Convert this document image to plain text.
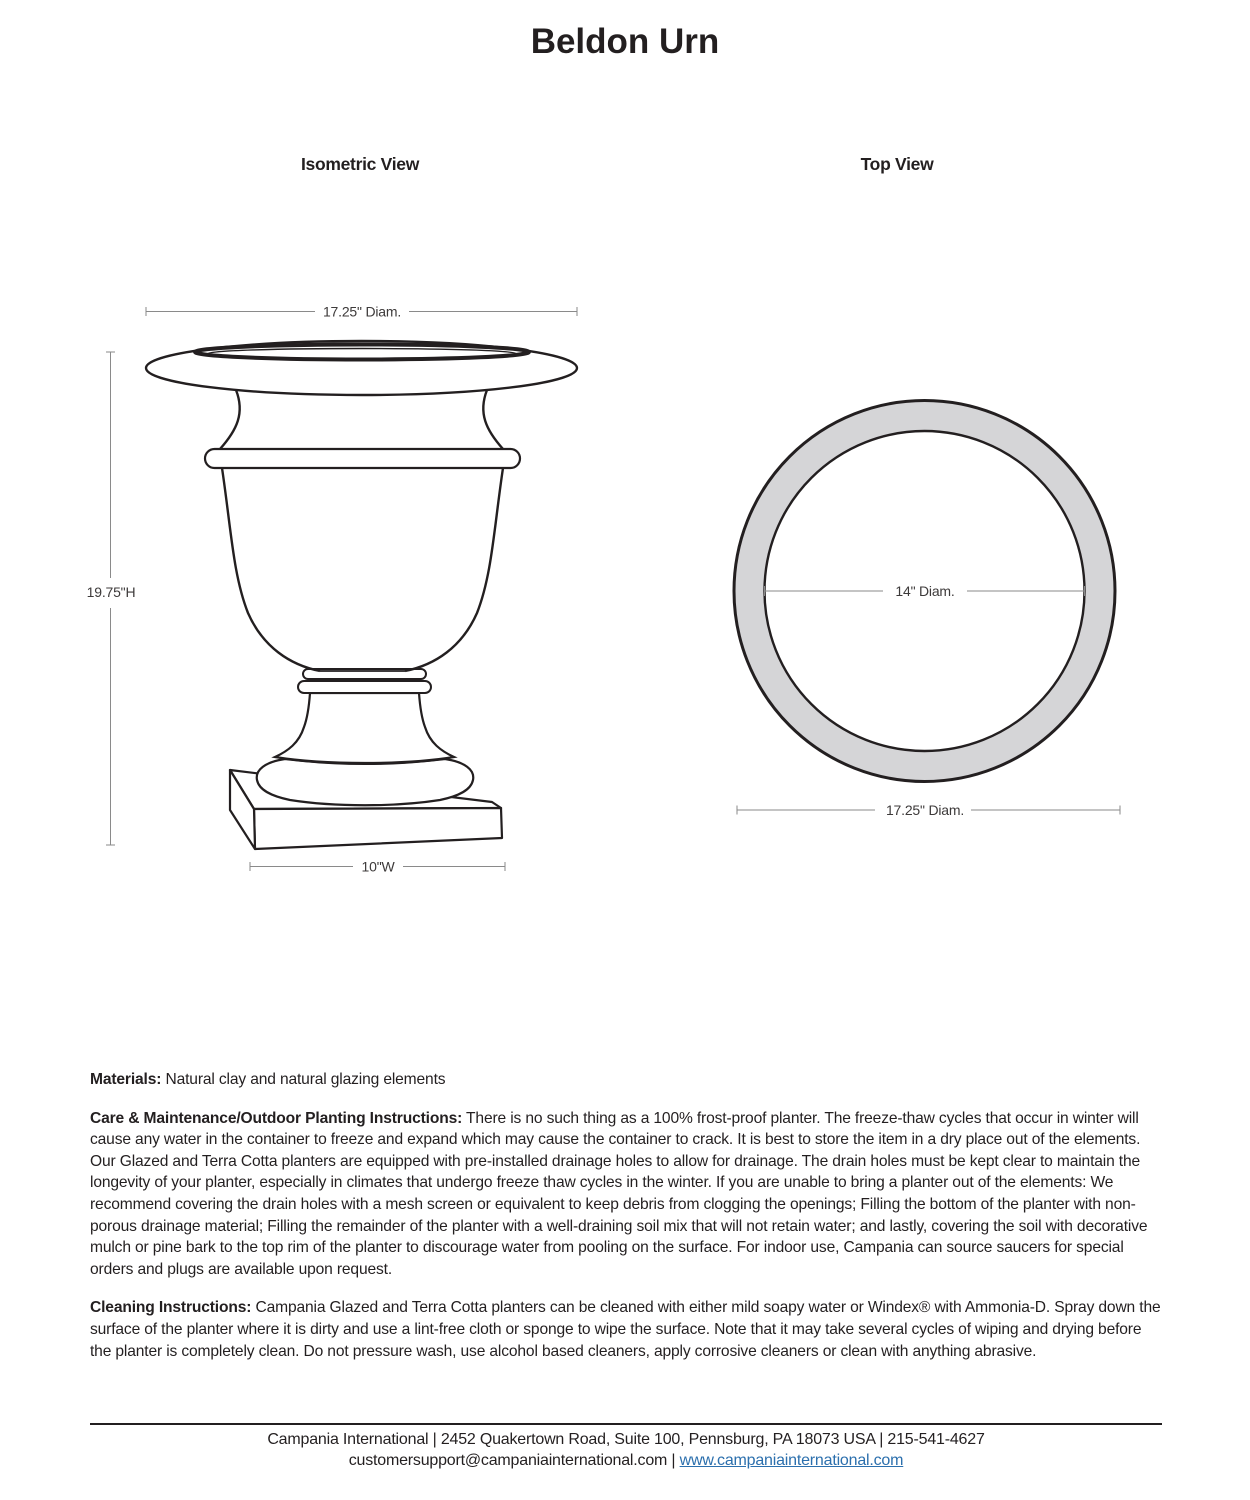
Beldon Urn
Isometric View	Top View
17.25" Diam.
19.75"H
10"W
14" Diam.
17.25" Diam.

Materials: Natural clay and natural glazing elements

Care & Maintenance/Outdoor Planting Instructions: There is no such thing as a 100% frost-proof planter. The freeze-thaw cycles that occur in winter will cause any water in the container to freeze and expand which may cause the container to crack. It is best to store the item in a dry place out of the elements. Our Glazed and Terra Cotta planters are equipped with pre-installed drainage holes to allow for drainage. The drain holes must be kept clear to maintain the longevity of your planter, especially in climates that undergo freeze thaw cycles in the winter. If you are unable to bring a planter out of the elements: We recommend covering the drain holes with a mesh screen or equivalent to keep debris from clogging the openings; Filling the bottom of the planter with non-porous drainage material; Filling the remainder of the planter with a well-draining soil mix that will not retain water; and lastly, covering the soil with decorative mulch or pine bark to the top rim of the planter to discourage water from pooling on the surface. For indoor use, Campania can source saucers for special orders and plugs are available upon request.

Cleaning Instructions: Campania Glazed and Terra Cotta planters can be cleaned with either mild soapy water or Windex® with Ammonia-D. Spray down the surface of the planter where it is dirty and use a lint-free cloth or sponge to wipe the surface. Note that it may take several cycles of wiping and drying before the planter is completely clean. Do not pressure wash, use alcohol based cleaners, apply corrosive cleaners or clean with anything abrasive.

Campania International | 2452 Quakertown Road, Suite 100, Pennsburg, PA 18073 USA | 215-541-4627
customersupport@campaniainternational.com | www.campaniainternational.com
